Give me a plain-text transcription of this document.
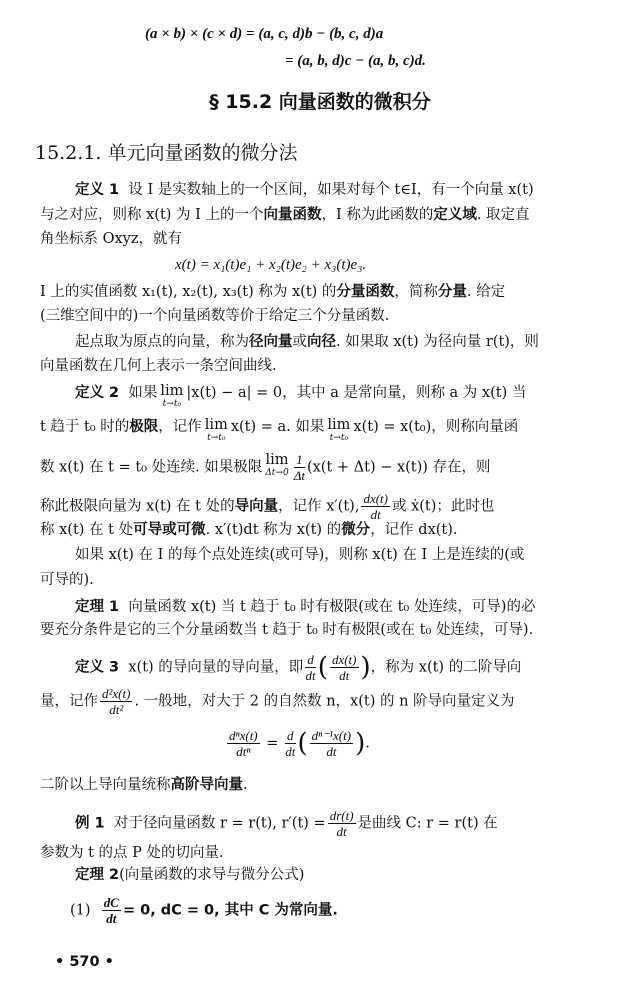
(a × b) × (c × d) = (a, c, d)b − (b, c, d)a
= (a, b, d)c − (a, b, c)d.
§ 15.2 向量函数的微积分
15.2.1. 单元向量函数的微分法
定义 1 设 I 是实数轴上的一个区间，如果对每个 t∈I，有一个向量 x(t)
与之对应，则称 x(t) 为 I 上的一个向量函数，I 称为此函数的定义域. 取定直
角坐标系 Oxyz，就有
x(t) = x₁(t)e₁ + x₂(t)e₂ + x₃(t)e₃.
I 上的实值函数 x₁(t), x₂(t), x₃(t) 称为 x(t) 的分量函数，简称分量. 给定
(三维空间中的)一个向量函数等价于给定三个分量函数.
起点取为原点的向量，称为径向量或向径. 如果取 x(t) 为径向量 r(t)，则
向量函数在几何上表示一条空间曲线.
定义 2 如果 lim
t→t₀
|x(t) − a| = 0，其中 a 是常向量，则称 a 为 x(t) 当
t 趋于 t₀ 时的极限，记作 lim
t→t₀
x(t) = a. 如果 lim
t→t₀
x(t) = x(t₀)，则称向量函
数 x(t) 在 t = t₀ 处连续. 如果极限 lim
$\Delta t\to 0 \frac{1}{\Delta t} (x(t + \Delta t) - x(t))$ 存在，则
称此极限向量为 x(t) 在 t 处的导向量，记作 x′(t), $\frac{dx(t)}{dt}$ 或 ẋ(t)；此时也
称 x(t) 在 t 处可导或可微. x′(t)dt 称为 x(t) 的微分，记作 dx(t).
如果 x(t) 在 I 的每个点处连续(或可导)，则称 x(t) 在 I 上是连续的(或
可导的).
定理 1 向量函数 x(t) 当 t 趋于 t₀ 时有极限(或在 t₀ 处连续，可导)的必
要充分条件是它的三个分量函数当 t 趋于 t₀ 时有极限(或在 t₀ 处连续，可导).
定义 3 x(t) 的导向量的导向量，即 $\frac{d}{dt}$ ( $\frac{dx(t)}{dt}$ )，称为 x(t) 的二阶导向
量，记作 $\frac{\text{d²x(t)}}{\text{dt²}}$ . 一般地，对大于 2 的自然数 n，x(t) 的 n 阶导向量定义为
dⁿx(t)
$dt^n = \frac{d}{dt}$ ( $\frac{\text{dⁿ⁻¹x(t)}}{dt}$ ).
二阶以上导向量统称高阶导向量.
例 1 对于径向量函数 r = r(t), $r'(t) = \frac{dr(t)}{dt}$ 是曲线 C: r = r(t) 在
参数为 t 的点 P 处的切向量.
定理 2(向量函数的求导与微分公式)
$(1) \frac{dC}{dt} = 0$, dC = 0, 其中 C 为常向量.
• 570 •
